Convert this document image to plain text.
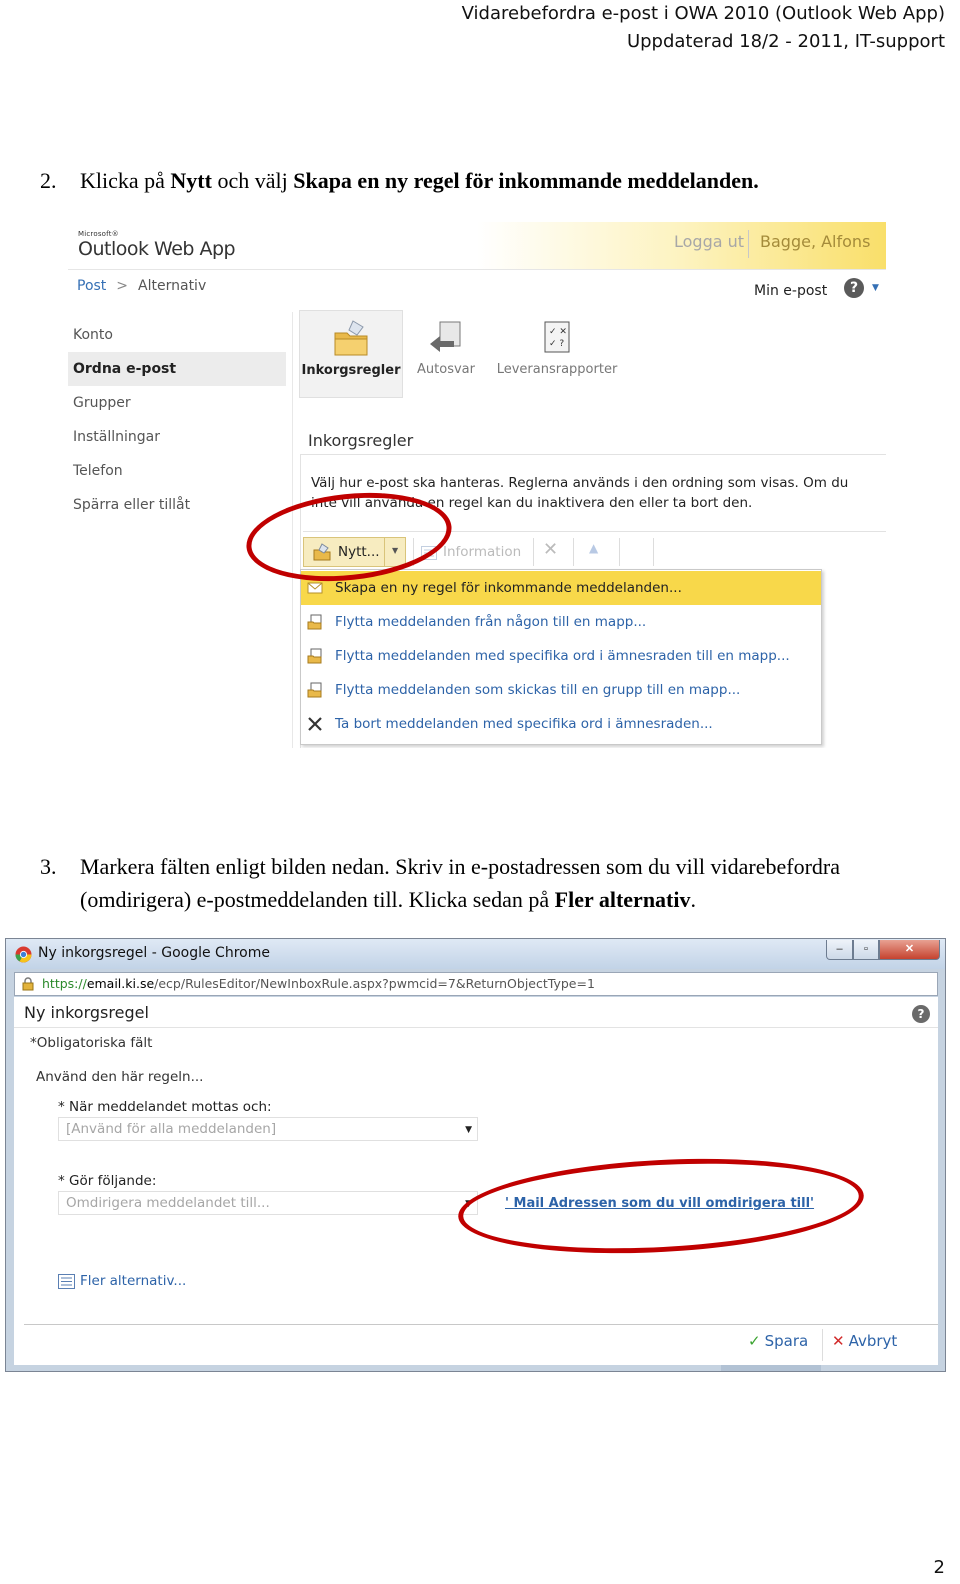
Vidarebefordra e-post i OWA 2010 (Outlook Web App)
Uppdaterad 18/2 - 2011, IT-support
2. Klicka på Nytt och välj Skapa en ny regel för inkommande meddelanden.
Microsoft®
Outlook Web App	Logga ut Bagge, Alfons
Post > Alternativ	Min e-post	?	▼
Konto
Ordna e-post
Grupper
Inställningar
Telefon
Spärra eller tillåt
Inkorgsregler Autosvar
✓ ✕
✓ ?
Leveransrapporter
Inkorgsregler
Välj hur e-post ska hanteras. Reglerna används i den ordning som visas. Om du inte vill använda en regel kan du inaktivera den eller ta bort den.
Nytt... ▼	Information ✕	▲
Skapa en ny regel för inkommande meddelanden...
Flytta meddelanden från någon till en mapp...
Flytta meddelanden med specifika ord i ämnesraden till en mapp...
Flytta meddelanden som skickas till en grupp till en mapp...
Ta bort meddelanden med specifika ord i ämnesraden...
3. Markera fälten enligt bilden nedan. Skriv in e-postadressen som du vill vidarebefordra
(omdirigera) e-postmeddelanden till. Klicka sedan på Fler alternativ.
Ny inkorgsregel - Google Chrome	–	▫	✕
https://email.ki.se/ecp/RulesEditor/NewInboxRule.aspx?pwmcid=7&ReturnObjectType=1
Ny inkorgsregel	?
*Obligatoriska fält
Använd den här regeln...
* När meddelandet mottas och:
[Använd för alla meddelanden]	▼
* Gör följande:
Omdirigera meddelandet till...	▼	' Mail Adressen som du vill omdirigera till'
Fler alternativ...
✓ Spara ✕ Avbryt
2
